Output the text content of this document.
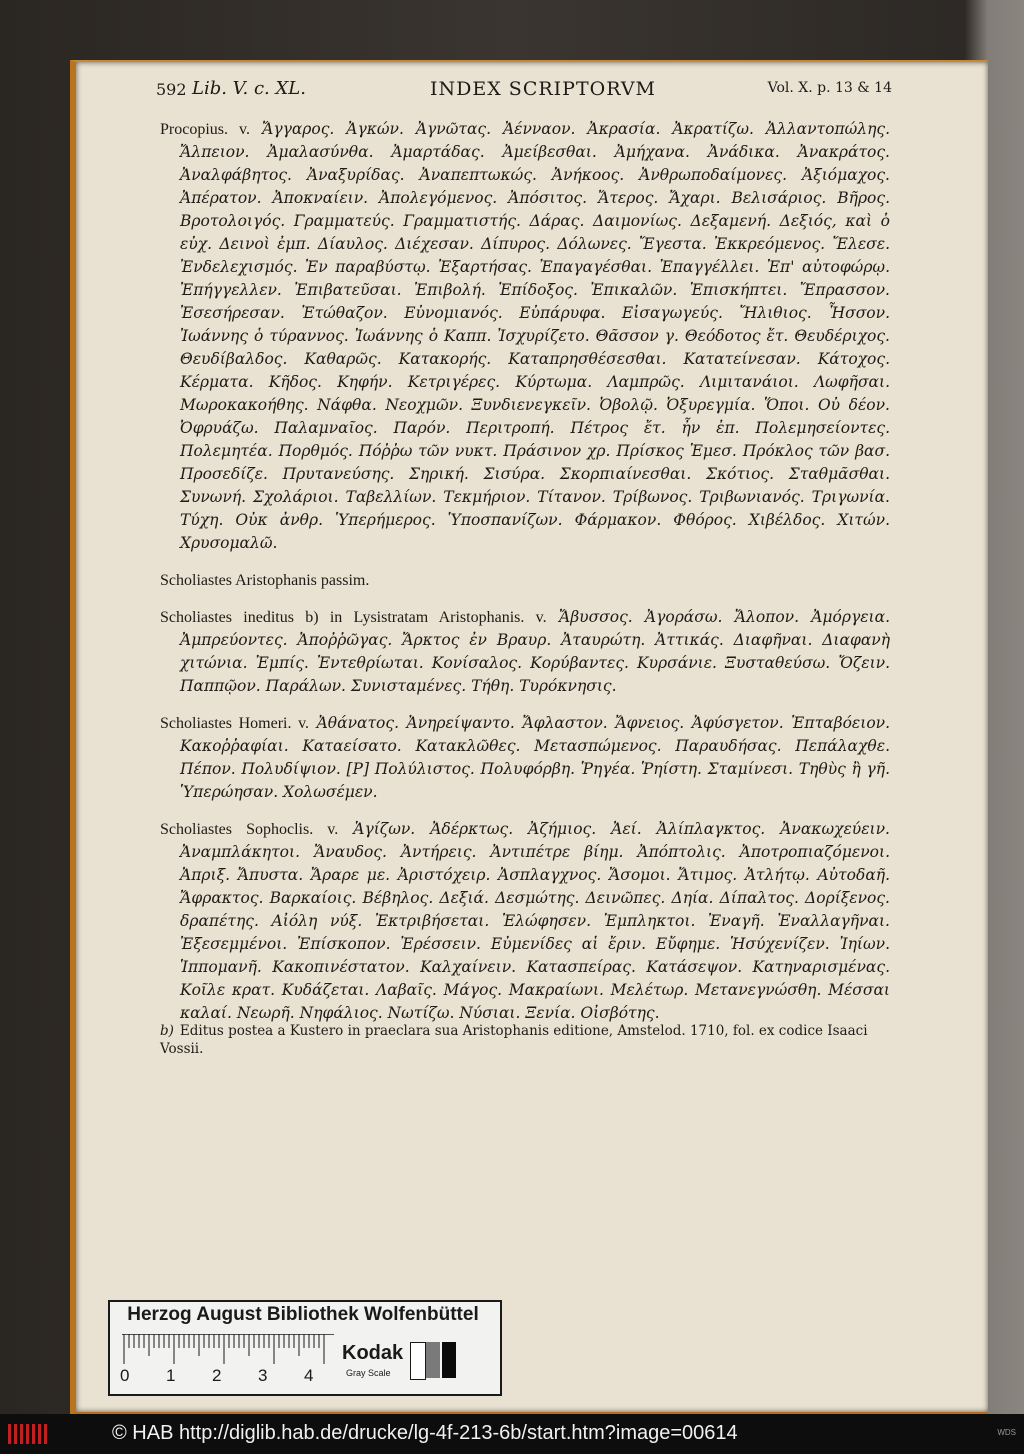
592 Lib. V. c. XL.	INDEX SCRIPTORVM	Vol. X. p. 13 & 14

Procopius. v. Ἄγγαρος. Ἀγκών. Ἀγνῶτας. Ἀένναον. Ἀκρασία. Ἀκρατίζω. Ἀλλαντοπώλης. Ἄλπειον. Ἀμαλασύνθα. Ἀμαρτάδας. Ἀμείβεσθαι. Ἀμήχανα. Ἀνάδικα. Ἀνακράτος. Ἀναλφάβητος. Ἀναξυρίδας. Ἀναπεπτωκώς. Ἀνήκοος. Ἀνθρωποδαίμονες. Ἀξιόμαχος. Ἀπέρατον. Ἀποκναίειν. Ἀπολεγόμενος. Ἀπόσιτος. Ἄτερος. Ἄχαρι. Βελισάριος. Βῆρος. Βροτολοιγός. Γραμματεύς. Γραμματιστής. Δάρας. Δαιμονίως. Δεξαμενή. Δεξιός, καὶ ὁ εὐχ. Δεινοὶ ἐμπ. Δίαυλος. Διέχεσαν. Δίπυρος. Δόλωνες. Ἔγεστα. Ἐκκρεόμενος. Ἔλεσε. Ἐνδελεχισμός. Ἐν παραβύστῳ. Ἐξαρτήσας. Ἐπαγαγέσθαι. Ἐπαγγέλλει. Ἐπ' αὐτοφώρῳ. Ἐπήγγελλεν. Ἐπιβατεῦσαι. Ἐπιβολή. Ἐπίδοξος. Ἐπικαλῶν. Ἐπισκήπτει. Ἔπρασσον. Ἐσεσήρεσαν. Ἐτώθαζον. Εὐνομιανός. Εὐπάρυφα. Εἰσαγωγεύς. Ἤλιθιος. Ἧσσον. Ἰωάννης ὁ τύραννος. Ἰωάννης ὁ Καππ. Ἰσχυρίζετο. Θᾶσσον γ. Θεόδοτος ἔτ. Θευδέριχος. Θευδίβαλδος. Καθαρῶς. Κατακορής. Καταπρησθέσεσθαι. Κατατείνεσαν. Κάτοχος. Κέρματα. Κῆδος. Κηφήν. Κετριγέρες. Κύρτωμα. Λαμπρῶς. Λιμιτανάιοι. Λωφῆσαι. Μωροκακοήθης. Νάφθα. Νεοχμῶν. Ξυνδιενεγκεῖν. Ὀβολῷ. Ὀξυρεγμία. Ὅποι. Οὐ δέον. Ὀφρυάζω. Παλαμναῖος. Παρόν. Περιτροπή. Πέτρος ἔτ. ἦν ἐπ. Πολεμησείοντες. Πολεμητέα. Πορθμός. Πόῤῥω τῶν νυκτ. Πράσινον χρ. Πρίσκος Ἐμεσ. Πρόκλος τῶν βασ. Προσεδίζε. Πρυτανεύσης. Σηρική. Σισύρα. Σκορπιαίνεσθαι. Σκότιος. Σταθμᾶσθαι. Συνωνή. Σχολάριοι. Ταβελλίων. Τεκμήριον. Τίτανον. Τρίβωνος. Τριβωνιανός. Τριγωνία. Τύχη. Οὐκ ἀνθρ. Ὑπερήμερος. Ὑποσπανίζων. Φάρμακον. Φθόρος. Χιβέλδος. Χιτών. Χρυσομαλῶ.

Scholiastes Aristophanis passim.

Scholiastes ineditus b) in Lysistratam Aristophanis. v. Ἄβυσσος. Ἀγοράσω. Ἄλοπον. Ἀμόργεια. Ἀμπρεύοντες. Ἀποῤῥῶγας. Ἄρκτος ἐν Βραυρ. Ἀταυρώτη. Ἀττικάς. Διαφῆναι. Διαφανὴ χιτώνια. Ἐμπίς. Ἐντεθρίωται. Κονίσαλος. Κορύβαντες. Κυρσάνιε. Ξυσταθεύσω. Ὄζειν. Παππῷον. Παράλων. Συνισταμένες. Τήθη. Τυρόκνησις.

Scholiastes Homeri. v. Ἀθάνατος. Ἀνηρείψαντο. Ἄφλαστον. Ἄφνειος. Ἀφύσγετον. Ἐπταβόειον. Κακοῤῥαφίαι. Καταείσατο. Κατακλῶθες. Μετασπώμενος. Παραυδήσας. Πεπάλαχθε. Πέπον. Πολυδίψιον. [P] Πολύλιστος. Πολυφόρβη. Ῥηγέα. Ῥηίστη. Σταμίνεσι. Τηθὺς ἢ γῆ. Ὑπερώησαν. Χολωσέμεν.

Scholiastes Sophoclis. v. Ἁγίζων. Ἀδέρκτως. Ἀζήμιος. Ἀεί. Ἀλίπλαγκτος. Ἀνακωχεύειν. Ἀναμπλάκητοι. Ἄναυδος. Ἀντήρεις. Ἀντιπέτρε βίημ. Ἀπόπτολις. Ἀποτροπιαζόμενοι. Ἀπριξ. Ἄπυστα. Ἄραρε με. Ἀριστόχειρ. Ἀσπλαγχνος. Ἄσομοι. Ἄτιμος. Ἀτλήτῳ. Αὐτοδαῆ. Ἄφρακτος. Βαρκαίοις. Βέβηλος. Δεξιά. Δεσμώτης. Δεινῶπες. Δηία. Δίπαλτος. Δορίξενος. δραπέτης. Αἰόλη νύξ. Ἐκτριβήσεται. Ἐλώφησεν. Ἐμπληκτοι. Ἐναγῆ. Ἐναλλαγῆναι. Ἐξεσεμμένοι. Ἐπίσκοπον. Ἐρέσσειν. Εὐμενίδες αἱ ἔριν. Εὔφημε. Ἡσύχενίζεν. Ἰηίων. Ἱππομανῆ. Κακοπινέστατον. Καλχαίνειν. Κατασπείρας. Κατάσεψον. Κατηναρισμένας. Κοῖλε κρατ. Κυδάζεται. Λαβαῖς. Μάγος. Μακραίωνι. Μελέτωρ. Μετανεγνώσθη. Μέσσαι καλαί. Νεωρῆ. Νηφάλιος. Νωτίζω. Νύσιαι. Ξενία. Οἰσβότης.

b) Editus postea a Kustero in praeclara sua Aristophanis editione, Amstelod. 1710, fol. ex codice Isaaci Vossii.
Herzog August Bibliothek Wolfenbüttel
0 1 2 3 4
Kodak
Gray Scale
© HAB http://diglib.hab.de/drucke/lg-4f-213-6b/start.htm?image=00614	WDS
